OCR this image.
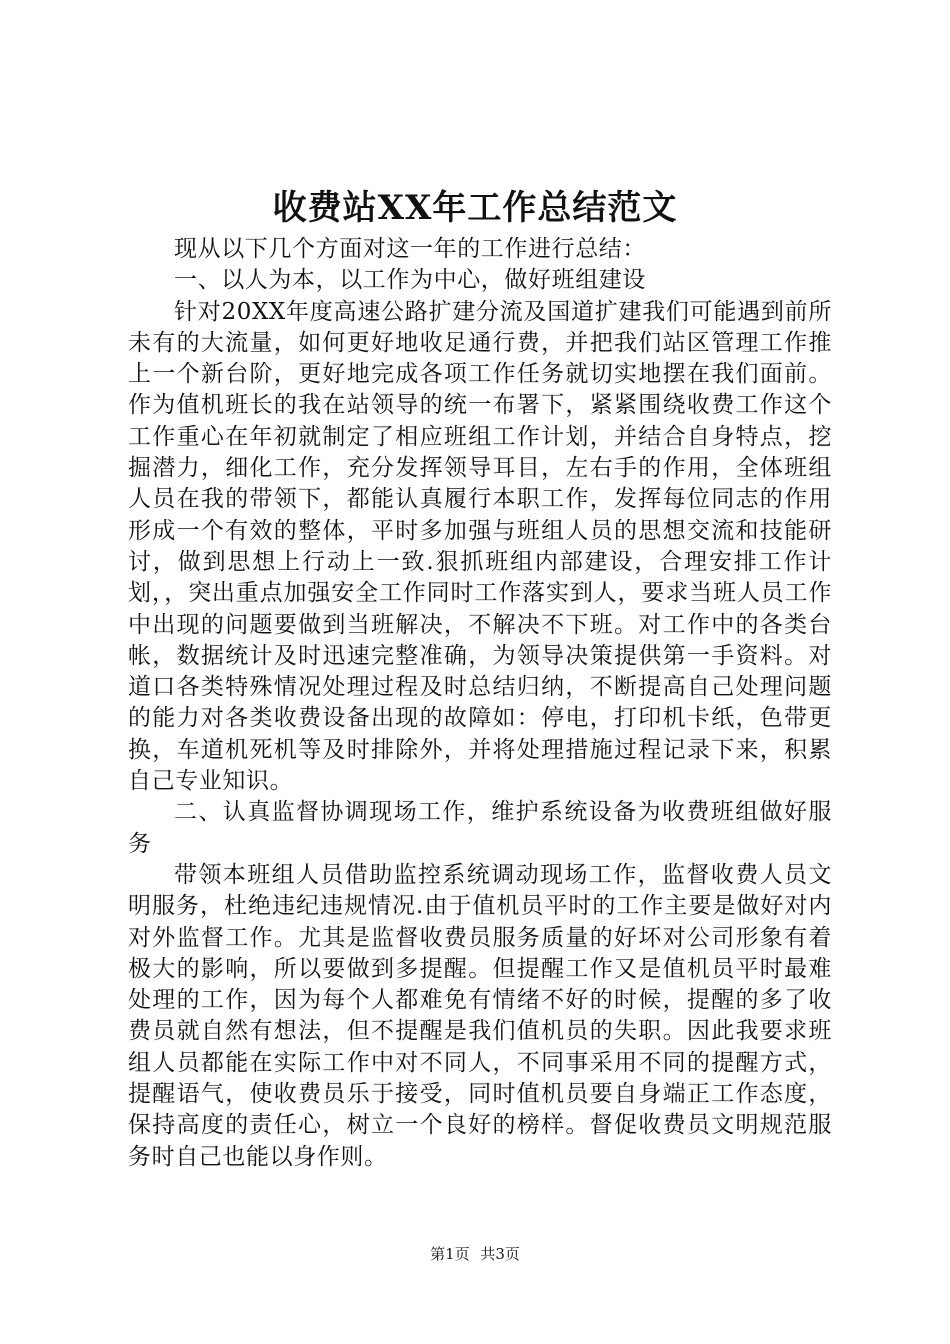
收费站XX年工作总结范文

现从以下几个方面对这一年的工作进行总结：

一、以人为本，以工作为中心，做好班组建设

针对20XX年度高速公路扩建分流及国道扩建我们可能遇到前所未有的大流量，如何更好地收足通行费，并把我们站区管理工作推上一个新台阶，更好地完成各项工作任务就切实地摆在我们面前。作为值机班长的我在站领导的统一布署下，紧紧围绕收费工作这个工作重心在年初就制定了相应班组工作计划，并结合自身特点，挖掘潜力，细化工作，充分发挥领导耳目，左右手的作用，全体班组人员在我的带领下，都能认真履行本职工作，发挥每位同志的作用形成一个有效的整体，平时多加强与班组人员的思想交流和技能研讨，做到思想上行动上一致.狠抓班组内部建设，合理安排工作计划，，突出重点加强安全工作同时工作落实到人，要求当班人员工作中出现的问题要做到当班解决，不解决不下班。对工作中的各类台帐，数据统计及时迅速完整准确，为领导决策提供第一手资料。对道口各类特殊情况处理过程及时总结归纳，不断提高自己处理问题的能力对各类收费设备出现的故障如：停电，打印机卡纸，色带更换，车道机死机等及时排除外，并将处理措施过程记录下来，积累自己专业知识。

二、认真监督协调现场工作，维护系统设备为收费班组做好服务

带领本班组人员借助监控系统调动现场工作，监督收费人员文明服务，杜绝违纪违规情况.由于值机员平时的工作主要是做好对内对外监督工作。尤其是监督收费员服务质量的好坏对公司形象有着极大的影响，所以要做到多提醒。但提醒工作又是值机员平时最难处理的工作，因为每个人都难免有情绪不好的时候，提醒的多了收费员就自然有想法，但不提醒是我们值机员的失职。因此我要求班组人员都能在实际工作中对不同人，不同事采用不同的提醒方式，提醒语气，使收费员乐于接受，同时值机员要自身端正工作态度，保持高度的责任心，树立一个良好的榜样。督促收费员文明规范服务时自己也能以身作则。

第1页 共3页
